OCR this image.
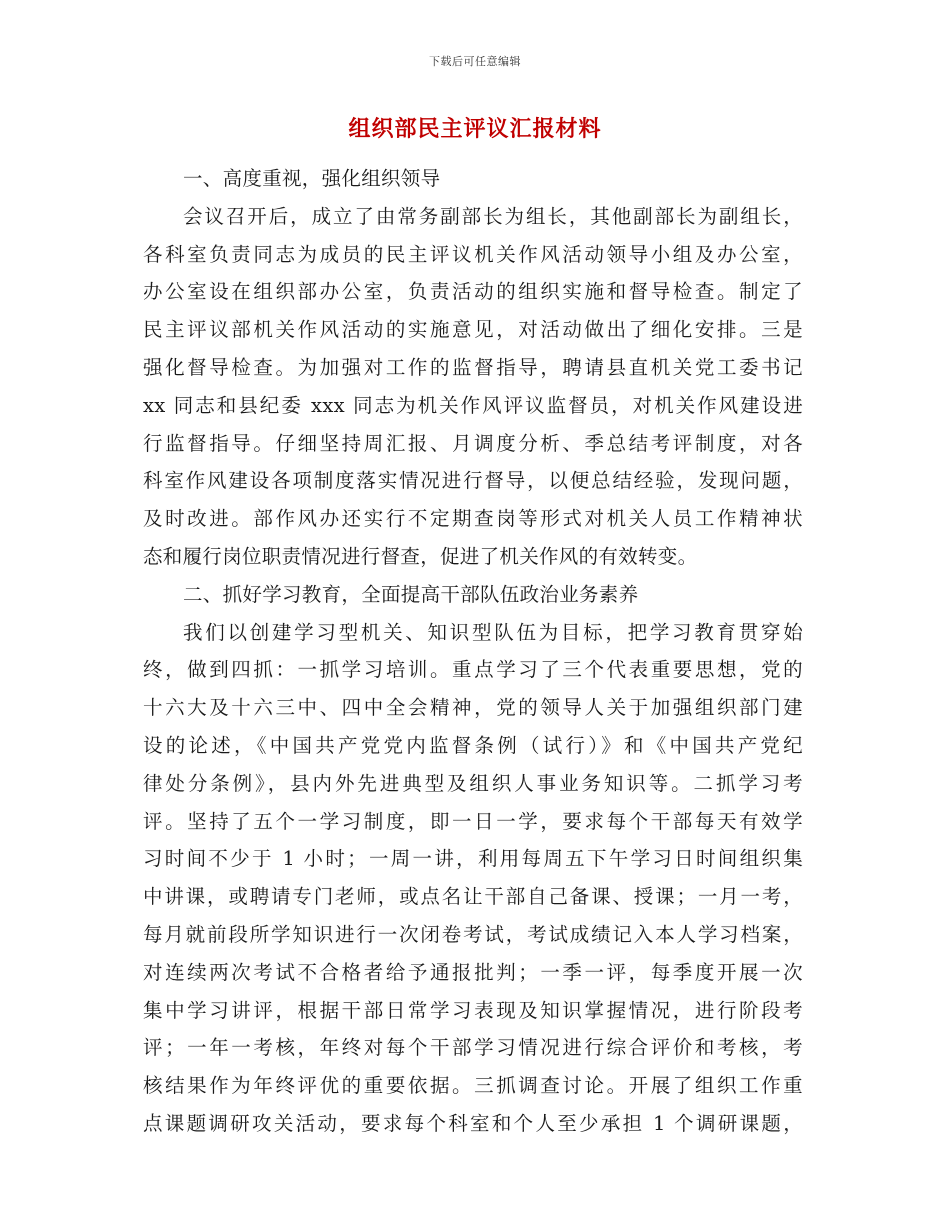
下载后可任意编辑
组织部民主评议汇报材料
一、高度重视，强化组织领导
会议召开后，成立了由常务副部长为组长，其他副部长为副组长，
各科室负责同志为成员的民主评议机关作风活动领导小组及办公室，
办公室设在组织部办公室，负责活动的组织实施和督导检查。制定了
民主评议部机关作风活动的实施意见，对活动做出了细化安排。三是
强化督导检查。为加强对工作的监督指导，聘请县直机关党工委书记
xx 同志和县纪委 xxx 同志为机关作风评议监督员，对机关作风建设进
行监督指导。仔细坚持周汇报、月调度分析、季总结考评制度，对各
科室作风建设各项制度落实情况进行督导，以便总结经验，发现问题，
及时改进。部作风办还实行不定期查岗等形式对机关人员工作精神状
态和履行岗位职责情况进行督查，促进了机关作风的有效转变。
二、抓好学习教育，全面提高干部队伍政治业务素养
我们以创建学习型机关、知识型队伍为目标，把学习教育贯穿始
终，做到四抓：一抓学习培训。重点学习了三个代表重要思想，党的
十六大及十六三中、四中全会精神，党的领导人关于加强组织部门建
设的论述，《中国共产党党内监督条例（试行）》和《中国共产党纪
律处分条例》，县内外先进典型及组织人事业务知识等。二抓学习考
评。坚持了五个一学习制度，即一日一学，要求每个干部每天有效学
习时间不少于 1 小时；一周一讲，利用每周五下午学习日时间组织集
中讲课，或聘请专门老师，或点名让干部自己备课、授课；一月一考，
每月就前段所学知识进行一次闭卷考试，考试成绩记入本人学习档案，
对连续两次考试不合格者给予通报批判；一季一评，每季度开展一次
集中学习讲评，根据干部日常学习表现及知识掌握情况，进行阶段考
评；一年一考核，年终对每个干部学习情况进行综合评价和考核，考
核结果作为年终评优的重要依据。三抓调查讨论。开展了组织工作重
点课题调研攻关活动，要求每个科室和个人至少承担 1 个调研课题，
